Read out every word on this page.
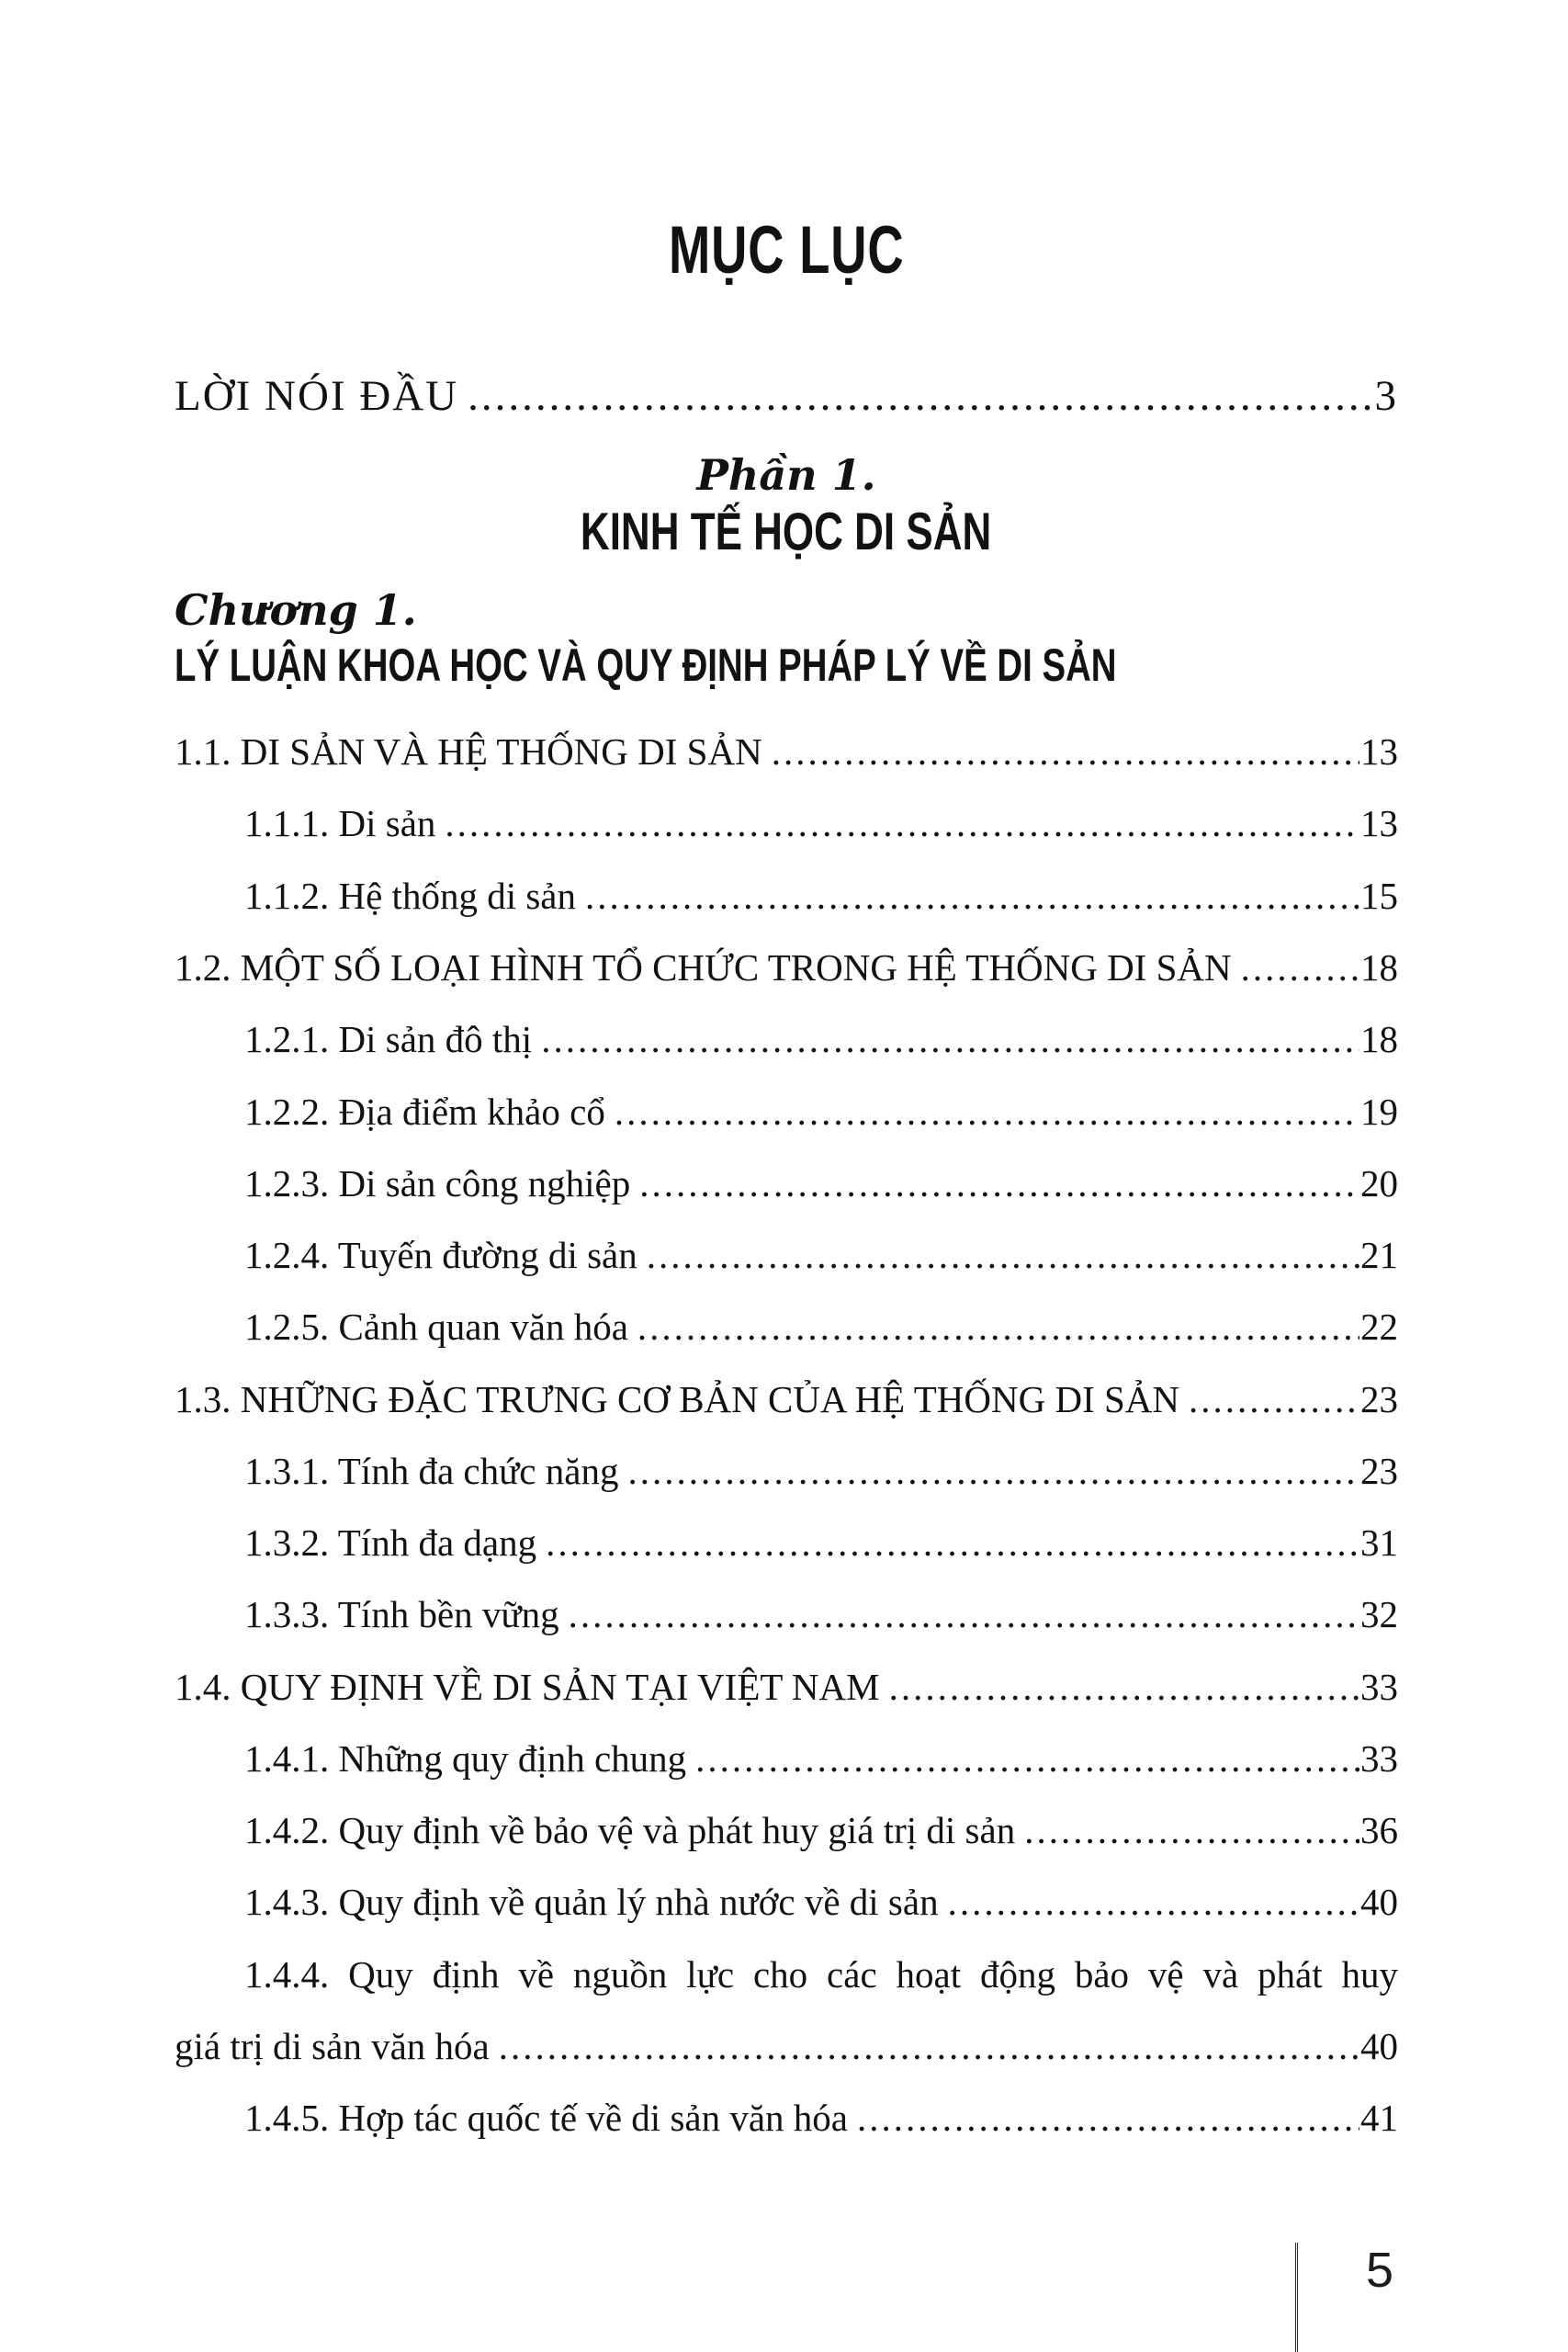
MỤC LỤC
LỜI NÓI ĐẦU .....	3
Phần 1.
KINH TẾ HỌC DI SẢN
Chương 1.
LÝ LUẬN KHOA HỌC VÀ QUY ĐỊNH PHÁP LÝ VỀ DI SẢN
1.1. DI SẢN VÀ HỆ THỐNG DI SẢN .....	13
1.1.1. Di sản .....	13
1.1.2. Hệ thống di sản .....	15
1.2. MỘT SỐ LOẠI HÌNH TỔ CHỨC TRONG HỆ THỐNG DI SẢN .....	18
1.2.1. Di sản đô thị .....	18
1.2.2. Địa điểm khảo cổ .....	19
1.2.3. Di sản công nghiệp .....	20
1.2.4. Tuyến đường di sản .....	21
1.2.5. Cảnh quan văn hóa .....	22
1.3. NHỮNG ĐẶC TRƯNG CƠ BẢN CỦA HỆ THỐNG DI SẢN .....	23
1.3.1. Tính đa chức năng .....	23
1.3.2. Tính đa dạng .....	31
1.3.3. Tính bền vững .....	32
1.4. QUY ĐỊNH VỀ DI SẢN TẠI VIỆT NAM .....	33
1.4.1. Những quy định chung .....	33
1.4.2. Quy định về bảo vệ và phát huy giá trị di sản .....	36
1.4.3. Quy định về quản lý nhà nước về di sản .....	40
1.4.4. Quy định về nguồn lực cho các hoạt động bảo vệ và phát huy
giá trị di sản văn hóa .....	40
1.4.5. Hợp tác quốc tế về di sản văn hóa .....	41
5
